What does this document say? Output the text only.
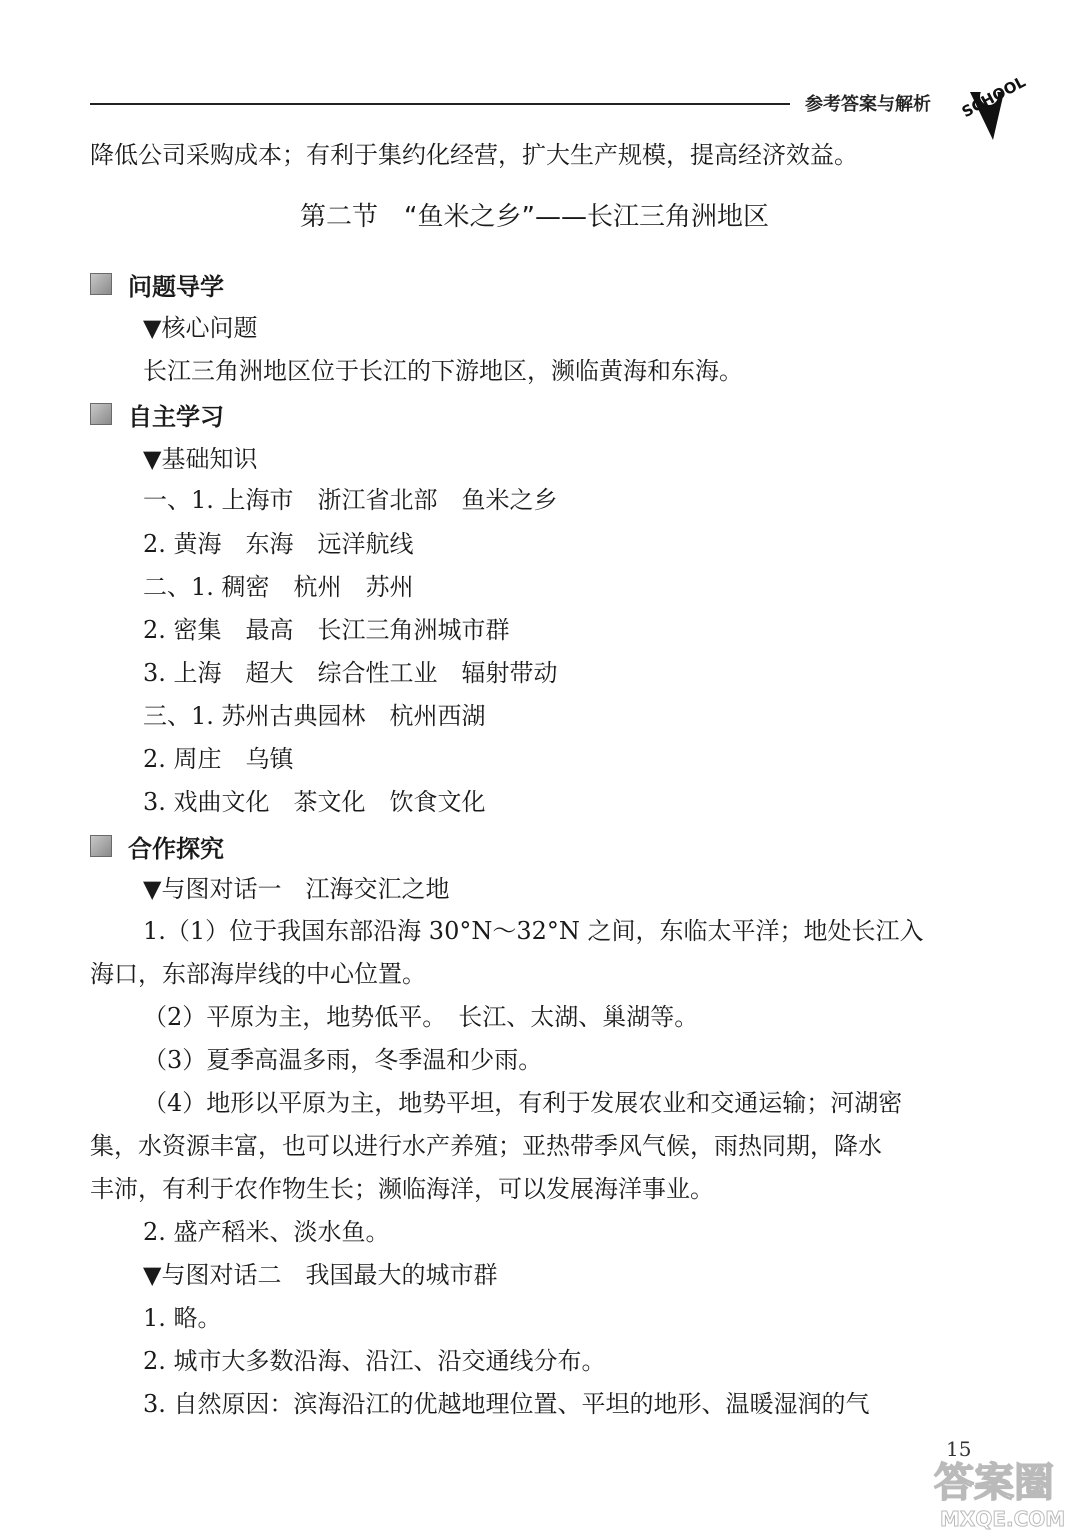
参考答案与解析 SCHOOL
降低公司采购成本；有利于集约化经营，扩大生产规模，提高经济效益。
第二节　“鱼米之乡”——长江三角洲地区
问题导学
▼核心问题
长江三角洲地区位于长江的下游地区，濒临黄海和东海。
自主学习
▼基础知识
一、1. 上海市　浙江省北部　鱼米之乡
2. 黄海　东海　远洋航线
二、1. 稠密　杭州　苏州
2. 密集　最高　长江三角洲城市群
3. 上海　超大　综合性工业　辐射带动
三、1. 苏州古典园林　杭州西湖
2. 周庄　乌镇
3. 戏曲文化　茶文化　饮食文化
合作探究
▼与图对话一　江海交汇之地
1.（1）位于我国东部沿海 30°N～32°N 之间，东临太平洋；地处长江入
海口，东部海岸线的中心位置。
（2）平原为主，地势低平。　长江、太湖、巢湖等。
（3）夏季高温多雨，冬季温和少雨。
（4）地形以平原为主，地势平坦，有利于发展农业和交通运输；河湖密
集，水资源丰富，也可以进行水产养殖；亚热带季风气候，雨热同期，降水
丰沛，有利于农作物生长；濒临海洋，可以发展海洋事业。
2. 盛产稻米、淡水鱼。
▼与图对话二　我国最大的城市群
1. 略。
2. 城市大多数沿海、沿江、沿交通线分布。
3. 自然原因：滨海沿江的优越地理位置、平坦的地形、温暖湿润的气
15
答案圈
MXQE.COM
